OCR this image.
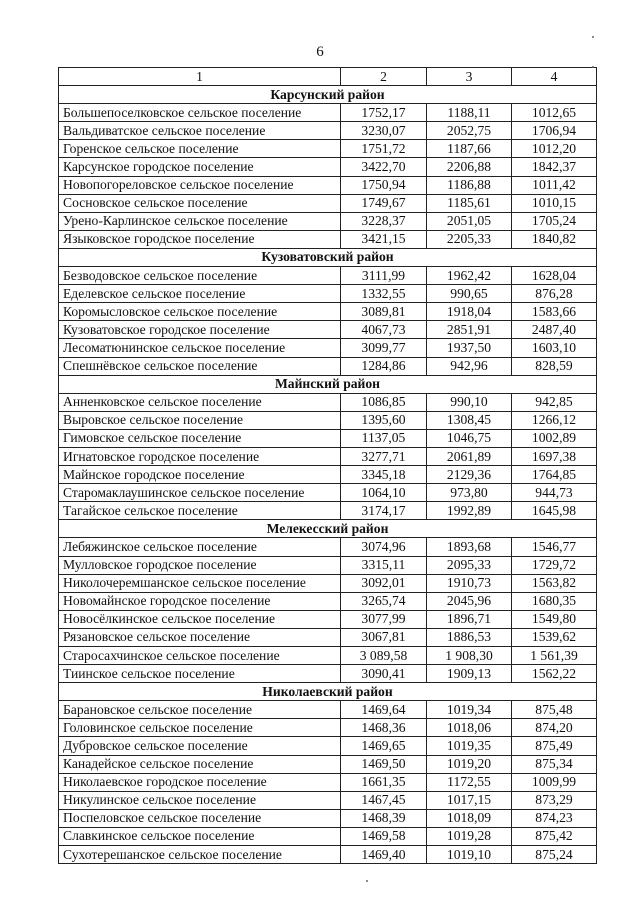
6
1	2	3	4
Карсунский район			
Большепоселковское сельское поселение	1752,17	1188,11	1012,65
Вальдиватское сельское поселение	3230,07	2052,75	1706,94
Горенское сельское поселение	1751,72	1187,66	1012,20
Карсунское городское поселение	3422,70	2206,88	1842,37
Новопогореловское сельское поселение	1750,94	1186,88	1011,42
Сосновское сельское поселение	1749,67	1185,61	1010,15
Урено-Карлинское сельское поселение	3228,37	2051,05	1705,24
Языковское городское поселение	3421,15	2205,33	1840,82
Кузоватовский район			
Безводовское сельское поселение	3111,99	1962,42	1628,04
Еделевское сельское поселение	1332,55	990,65	876,28
Коромысловское сельское поселение	3089,81	1918,04	1583,66
Кузоватовское городское поселение	4067,73	2851,91	2487,40
Лесоматюнинское сельское поселение	3099,77	1937,50	1603,10
Спешнёвское сельское поселение	1284,86	942,96	828,59
Майнский район			
Анненковское сельское поселение	1086,85	990,10	942,85
Выровское сельское поселение	1395,60	1308,45	1266,12
Гимовское сельское поселение	1137,05	1046,75	1002,89
Игнатовское городское поселение	3277,71	2061,89	1697,38
Майнское городское поселение	3345,18	2129,36	1764,85
Старомаклаушинское сельское поселение	1064,10	973,80	944,73
Тагайское сельское поселение	3174,17	1992,89	1645,98
Мелекесский район			
Лебяжинское сельское поселение	3074,96	1893,68	1546,77
Мулловское городское поселение	3315,11	2095,33	1729,72
Николочеремшанское сельское поселение	3092,01	1910,73	1563,82
Новомайнское городское поселение	3265,74	2045,96	1680,35
Новосёлкинское сельское поселение	3077,99	1896,71	1549,80
Рязановское сельское поселение	3067,81	1886,53	1539,62
Старосахчинское сельское поселение	3 089,58	1 908,30	1 561,39
Тиинское сельское поселение	3090,41	1909,13	1562,22
Николаевский район			
Барановское сельское поселение	1469,64	1019,34	875,48
Головинское сельское поселение	1468,36	1018,06	874,20
Дубровское сельское поселение	1469,65	1019,35	875,49
Канадейское сельское поселение	1469,50	1019,20	875,34
Николаевское городское поселение	1661,35	1172,55	1009,99
Никулинское сельское поселение	1467,45	1017,15	873,29
Поспеловское сельское поселение	1468,39	1018,09	874,23
Славкинское сельское поселение	1469,58	1019,28	875,42
Сухотерешанское сельское поселение	1469,40	1019,10	875,24
